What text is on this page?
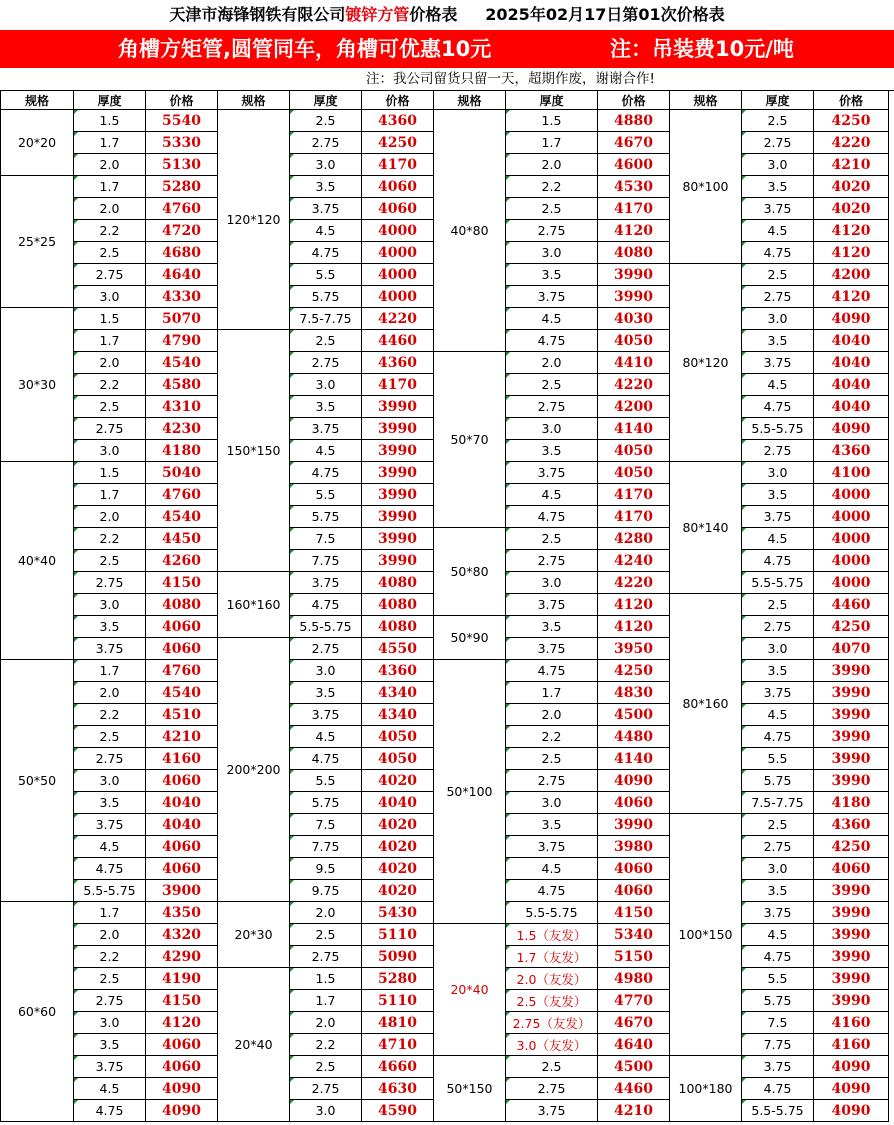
天津市海锋钢铁有限公司镀锌方管价格表 2025年02月17日第01次价格表
角槽方矩管,圆管同车，角槽可优惠10元	注：吊装费10元/吨
注：我公司留货只留一天，超期作废，谢谢合作!
规格	厚度	价格	规格	厚度	价格	规格	厚度	价格	规格	厚度	价格
20*20	1.5	5540	120*120	2.5	4360	40*80	1.5	4880	80*100	2.5	4250
	1.7	5330		2.75	4250		1.7	4670		2.75	4220
	2.0	5130		3.0	4170		2.0	4600		3.0	4210
25*25	1.7	5280		3.5	4060		2.2	4530		3.5	4020
	2.0	4760		3.75	4060		2.5	4170		3.75	4020
	2.2	4720		4.5	4000		2.75	4120		4.5	4120
	2.5	4680		4.75	4000		3.0	4080		4.75	4120
	2.75	4640		5.5	4000		3.5	3990	80*120	2.5	4200
	3.0	4330		5.75	4000		3.75	3990		2.75	4120
30*30	1.5	5070		7.5-7.75	4220		4.5	4030		3.0	4090
	1.7	4790	150*150	2.5	4460		4.75	4050		3.5	4040
	2.0	4540		2.75	4360	50*70	2.0	4410		3.75	4040
	2.2	4580		3.0	4170		2.5	4220		4.5	4040
	2.5	4310		3.5	3990		2.75	4200		4.75	4040
	2.75	4230		3.75	3990		3.0	4140		5.5-5.75	4090
	3.0	4180		4.5	3990		3.5	4050		2.75	4360
40*40	1.5	5040		4.75	3990		3.75	4050	80*140	3.0	4100
	1.7	4760		5.5	3990		4.5	4170		3.5	4000
	2.0	4540		5.75	3990		4.75	4170		3.75	4000
	2.2	4450		7.5	3990	50*80	2.5	4280		4.5	4000
	2.5	4260		7.75	3990		2.75	4240		4.75	4000
	2.75	4150	160*160	3.75	4080		3.0	4220		5.5-5.75	4000
	3.0	4080		4.75	4080		3.75	4120	80*160	2.5	4460
	3.5	4060		5.5-5.75	4080	50*90	3.5	4120		2.75	4250
	3.75	4060	200*200	2.75	4550		3.75	3950		3.0	4070
50*50	1.7	4760		3.0	4360	50*100	4.75	4250		3.5	3990
	2.0	4540		3.5	4340		1.7	4830		3.75	3990
	2.2	4510		3.75	4340		2.0	4500		4.5	3990
	2.5	4210		4.5	4050		2.2	4480		4.75	3990
	2.75	4160		4.75	4050		2.5	4140		5.5	3990
	3.0	4060		5.5	4020		2.75	4090		5.75	3990
	3.5	4040		5.75	4040		3.0	4060		7.5-7.75	4180
	3.75	4040		7.5	4020		3.5	3990	100*150	2.5	4360
	4.5	4060		7.75	4020		3.75	3980		2.75	4250
	4.75	4060		9.5	4020		4.5	4060		3.0	4060
	5.5-5.75	3900		9.75	4020		4.75	4060		3.5	3990
60*60	1.7	4350	20*30	2.0	5430		5.5-5.75	4150		3.75	3990
	2.0	4320		2.5	5110	20*40	1.5（友发）	5340		4.5	3990
	2.2	4290		2.75	5090		1.7（友发）	5150		4.75	3990
	2.5	4190	20*40	1.5	5280		2.0（友发）	4980		5.5	3990
	2.75	4150		1.7	5110		2.5（友发）	4770		5.75	3990
	3.0	4120		2.0	4810		2.75（友发）	4670		7.5	4160
	3.5	4060		2.2	4710		3.0（友发）	4640		7.75	4160
	3.75	4060		2.5	4660	50*150	2.5	4500	100*180	3.75	4090
	4.5	4090		2.75	4630		2.75	4460		4.75	4090
	4.75	4090		3.0	4590		3.75	4210		5.5-5.75	4090
